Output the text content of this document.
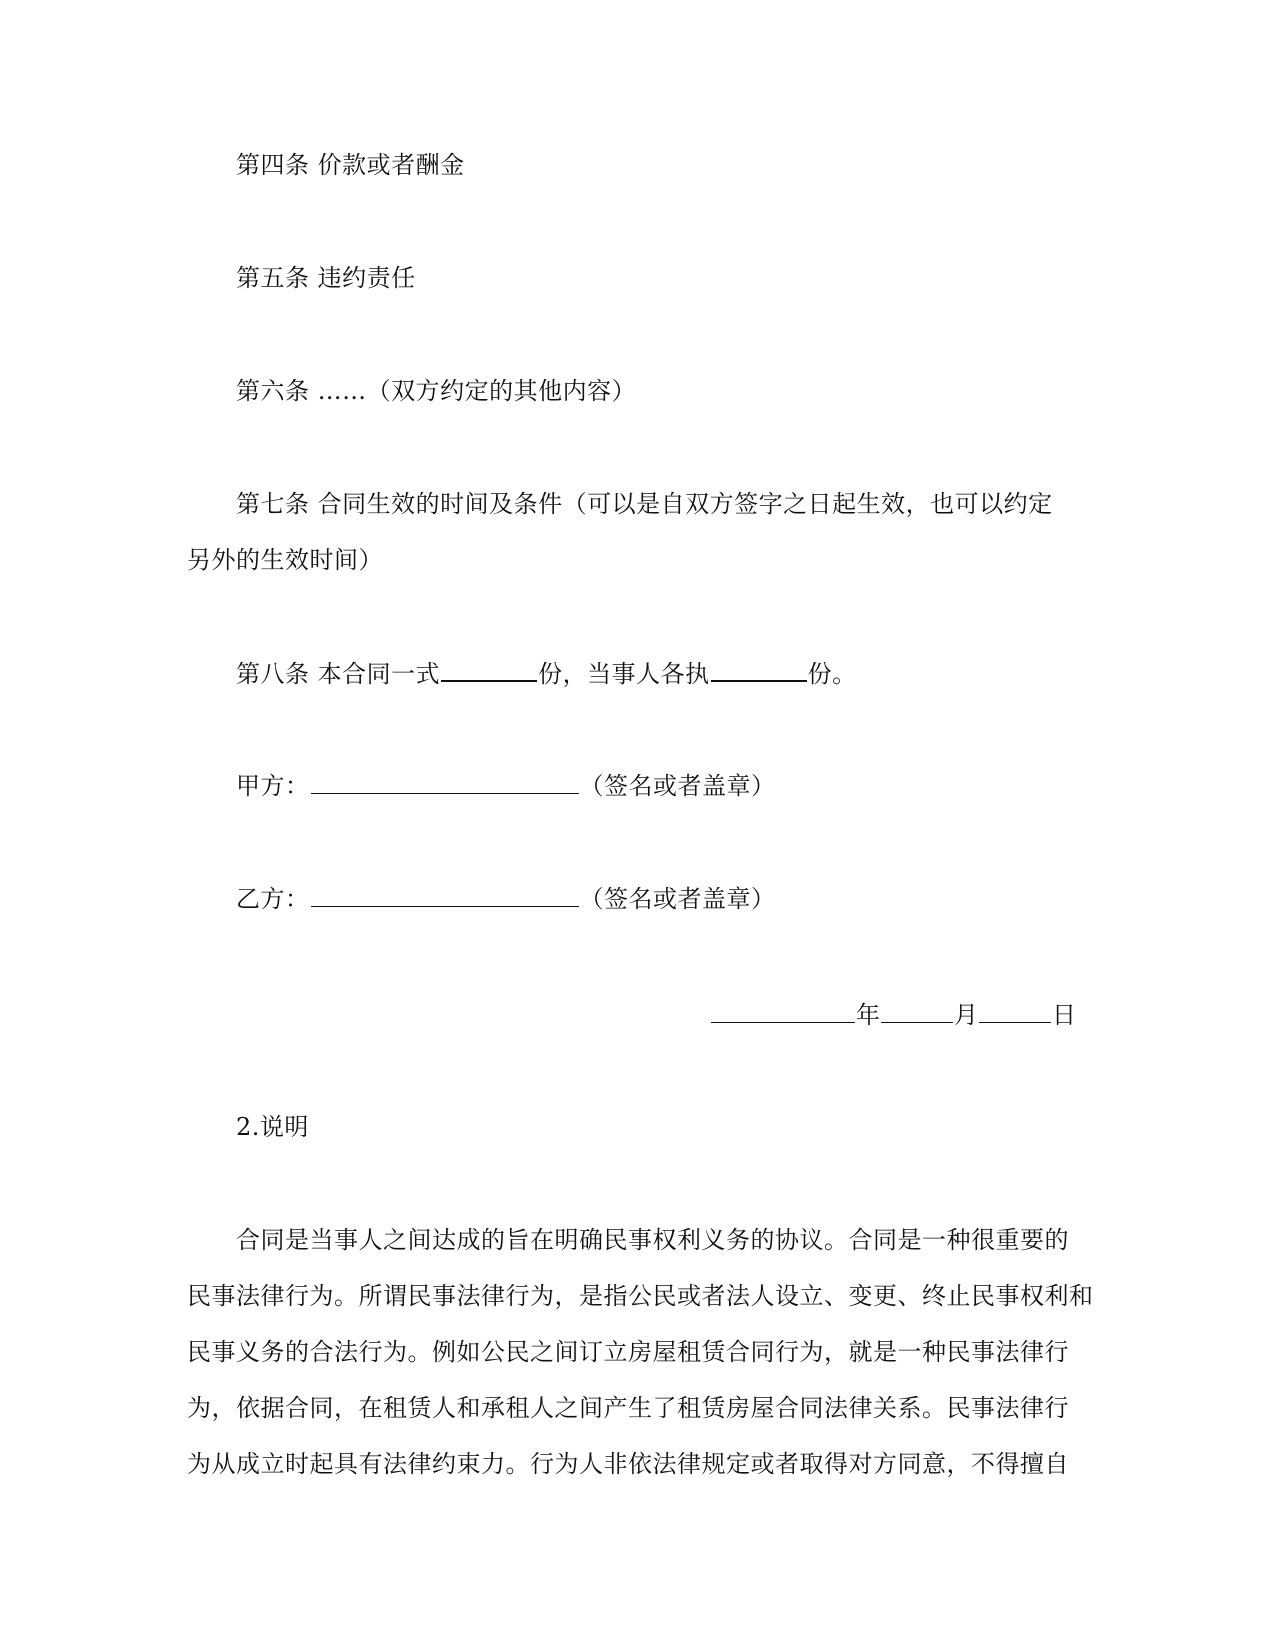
第四条 价款或者酬金
第五条 违约责任
第六条 ……（双方约定的其他内容）
第七条 合同生效的时间及条件（可以是自双方签字之日起生效，也可以约定
另外的生效时间）
第八条 本合同一式	份，当事人各执	份。
甲方：	（签名或者盖章）
乙方：	（签名或者盖章）
年	月	日
2.说明
合同是当事人之间达成的旨在明确民事权利义务的协议。合同是一种很重要的
民事法律行为。所谓民事法律行为，是指公民或者法人设立、变更、终止民事权利和
民事义务的合法行为。例如公民之间订立房屋租赁合同行为，就是一种民事法律行
为，依据合同，在租赁人和承租人之间产生了租赁房屋合同法律关系。民事法律行
为从成立时起具有法律约束力。行为人非依法律规定或者取得对方同意，不得擅自
